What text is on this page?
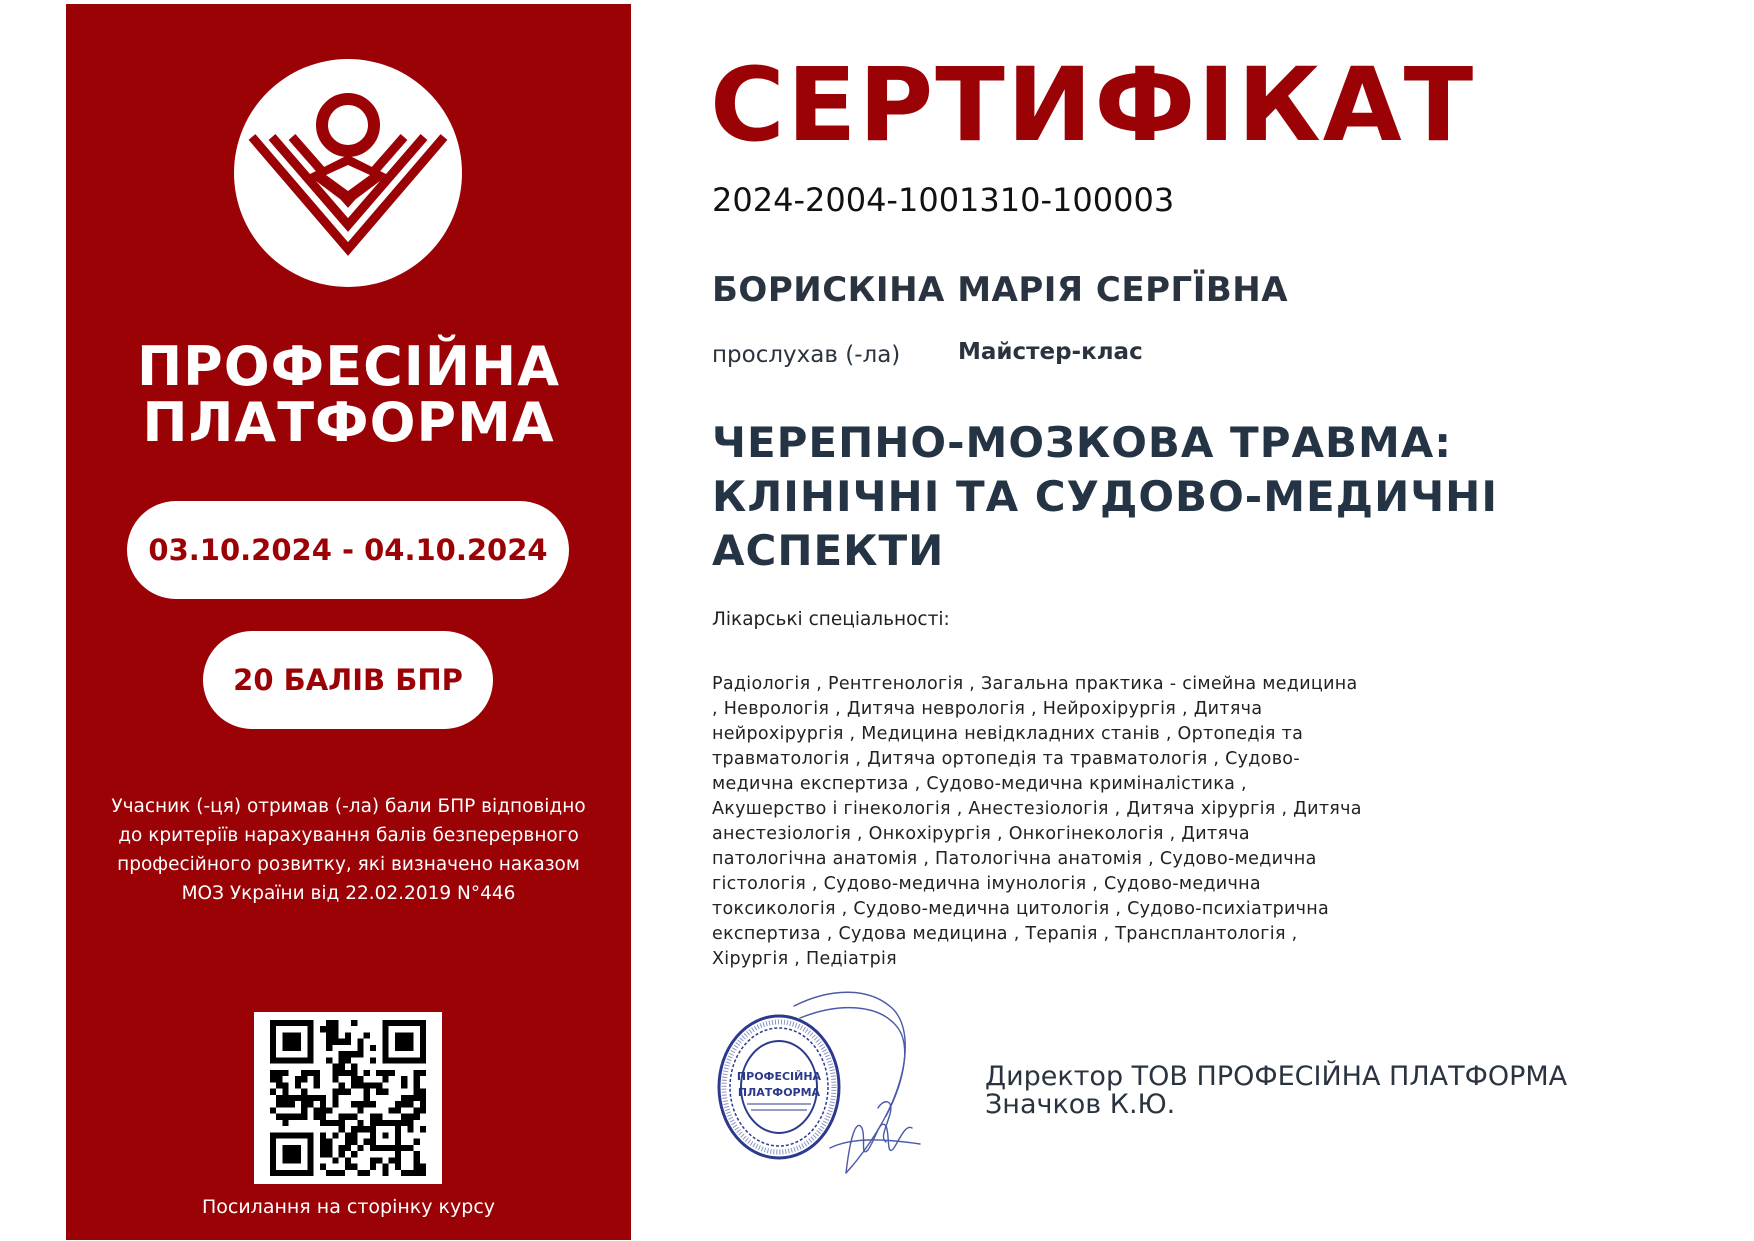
ПРОФЕСІЙНА
ПЛАТФОРМА
03.10.2024 - 04.10.2024
20 БАЛІВ БПР
Учасник (-ця) отримав (-ла) бали БПР відповідно до критеріїв нарахування балів безперервного професійного розвитку, які визначено наказом МОЗ України від 22.02.2019 N°446
Посилання на сторінку курсу
СЕРТИФІКАТ
2024-2004-1001310-100003
БОРИСКІНА МАРІЯ СЕРГЇВНА
прослухав (-ла)	Майстер-клас
ЧЕРЕПНО-МОЗКОВА ТРАВМА: КЛІНІЧНІ ТА СУДОВО-МЕДИЧНІ АСПЕКТИ
Лікарські спеціальності:
Радіологія , Рентгенологія , Загальна практика - сімейна медицина , Неврологія , Дитяча неврологія , Нейрохірургія , Дитяча нейрохірургія , Медицина невідкладних станів , Ортопедія та травматологія , Дитяча ортопедія та травматологія , Судово-медична експертиза , Судово-медична криміналістика , Акушерство і гінекологія , Анестезіологія , Дитяча хірургія , Дитяча анестезіологія , Онкохірургія , Онкогінекологія , Дитяча патологічна анатомія , Патологічна анатомія , Судово-медична гістологія , Судово-медична імунологія , Судово-медична токсикологія , Судово-медична цитологія , Судово-психіатрична експертиза , Судова медицина , Терапія , Трансплантологія , Хірургія , Педіатрія
ПРОФЕСІЙНА
ПЛАТФОРМА
Директор ТОВ ПРОФЕСІЙНА ПЛАТФОРМА
Значков К.Ю.
